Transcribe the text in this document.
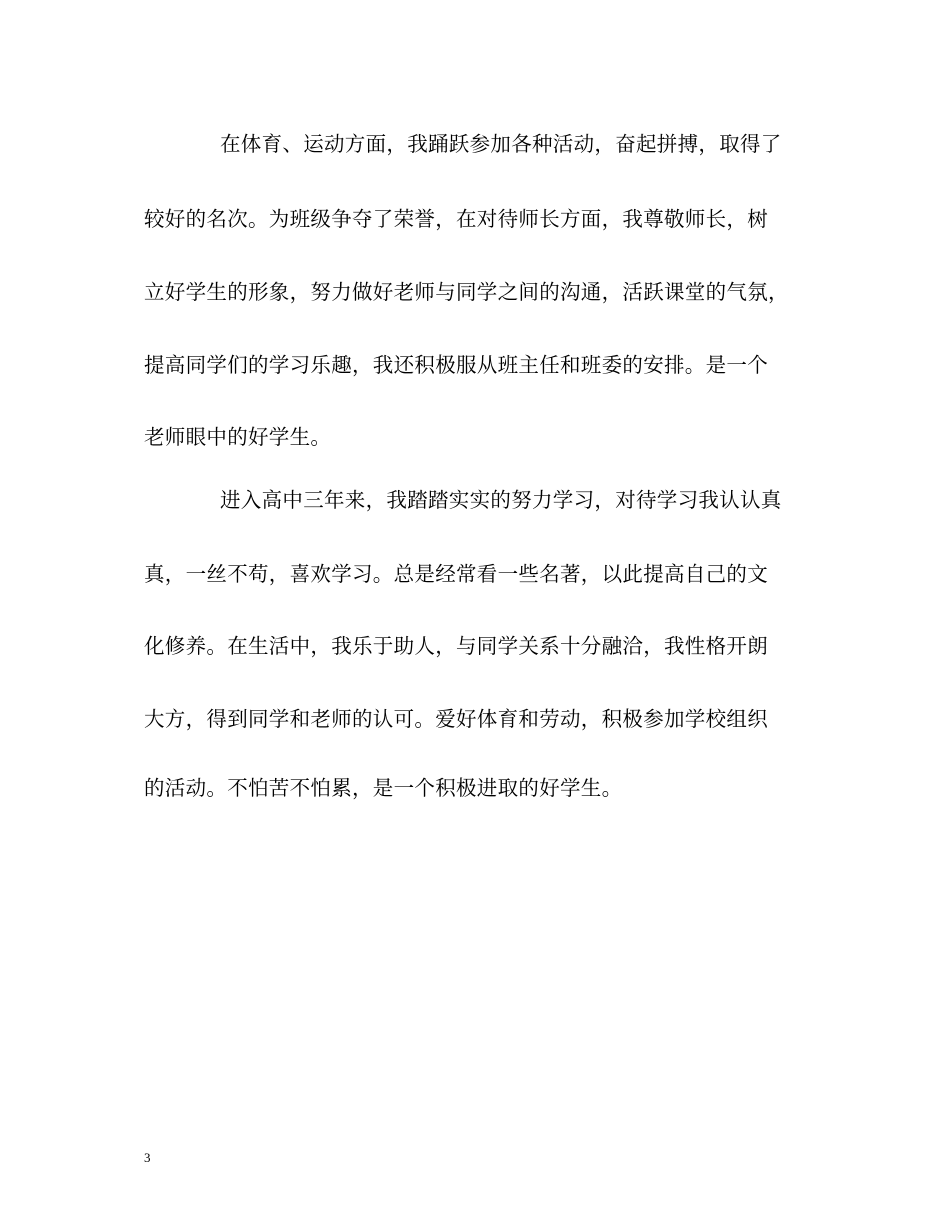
在体育、运动方面，我踊跃参加各种活动，奋起拼搏，取得了
较好的名次。为班级争夺了荣誉，在对待师长方面，我尊敬师长，树
立好学生的形象，努力做好老师与同学之间的沟通，活跃课堂的气氛，
提高同学们的学习乐趣，我还积极服从班主任和班委的安排。是一个
老师眼中的好学生。
进入高中三年来，我踏踏实实的努力学习，对待学习我认认真
真，一丝不苟，喜欢学习。总是经常看一些名著，以此提高自己的文
化修养。在生活中，我乐于助人，与同学关系十分融洽，我性格开朗
大方，得到同学和老师的认可。爱好体育和劳动，积极参加学校组织
的活动。不怕苦不怕累，是一个积极进取的好学生。
3
